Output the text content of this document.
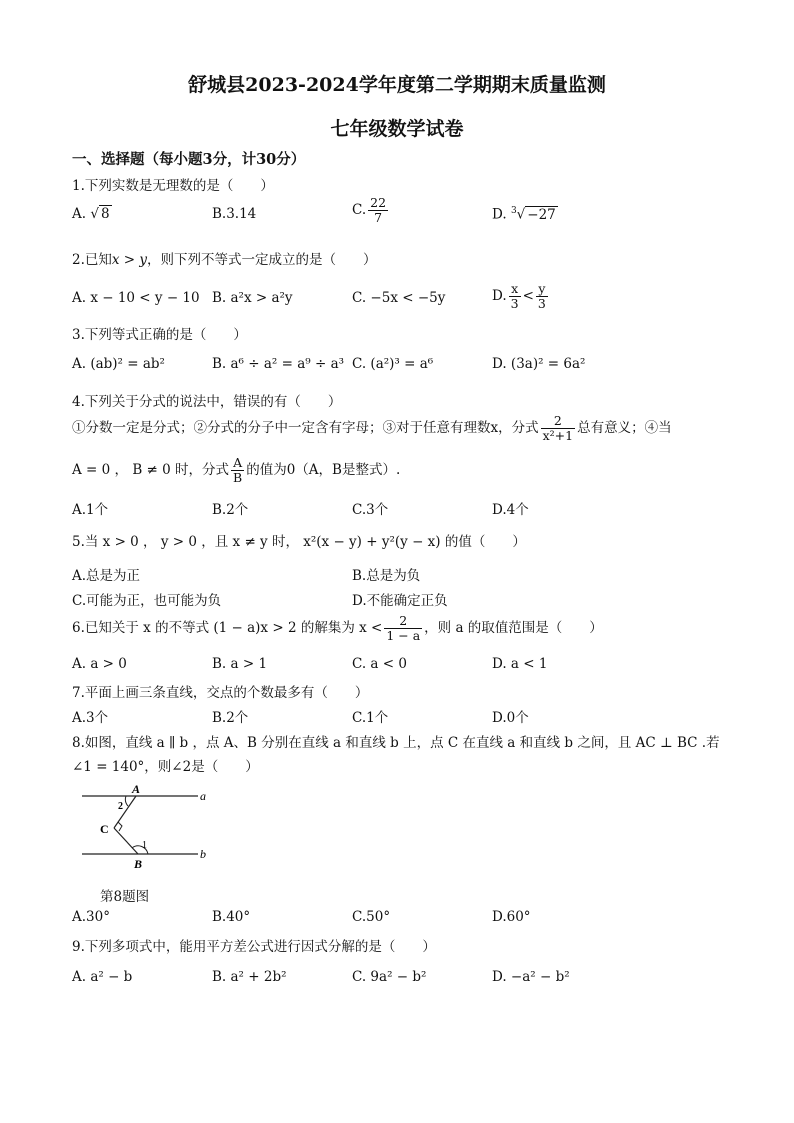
舒城县2023-2024学年度第二学期期末质量监测
七年级数学试卷
一、选择题（每小题3分，计30分）
1.下列实数是无理数的是（　　）
A. √ 8	B.3.14	C. $\frac{22}{7}$	D. $^3$√ −27
2.已知x > y，则下列不等式一定成立的是（　　）
A. x − 10 < y − 10 B. a²x > a²y	C. −5x < −5y	D. $\frac{x}{3} < \frac{y}{3}$
3.下列等式正确的是（　　）
A. (ab)² = ab²	B. a⁶ ÷ a² = a⁹ ÷ a³ C. (a²)³ = a⁶	D. (3a)² = 6a²
4.下列关于分式的说法中，错误的有（　　）
①分数一定是分式；②分式的分子中一定含有字母；③对于任意有理数x，分式 $\frac{2}{\text{x²+1}}$ 总有意义；④当
A = 0 ， B ≠ 0 时，分式 $\frac{A}{B}$ 的值为0（A，B是整式）.
A.1个	B.2个	C.3个	D.4个
5.当 x > 0 ， y > 0 ，且 x ≠ y 时， x²(x − y) + y²(y − x) 的值（　　）
A.总是为正	B.总是为负
C.可能为正，也可能为负	D.不能确定正负
6.已知关于 x 的不等式 (1 − a)x > 2 的解集为 $x < \frac{2}{1 - a}$ ，则 a 的取值范围是（　　）
A. a > 0	B. a > 1	C. a < 0	D. a < 1
7.平面上画三条直线，交点的个数最多有（　　）
A.3个	B.2个	C.1个	D.0个
8.如图，直线 a ∥ b ，点 A、B 分别在直线 a 和直线 b 上，点 C 在直线 a 和直线 b 之间，且 AC ⊥ BC .若
∠1 = 140°，则∠2是（　　）
a
b
A
B
C
1
2
第8题图
A.30°	B.40°	C.50°	D.60°
9.下列多项式中，能用平方差公式进行因式分解的是（　　）
A. a² − b	B. a² + 2b²	C. 9a² − b²	D. −a² − b²
